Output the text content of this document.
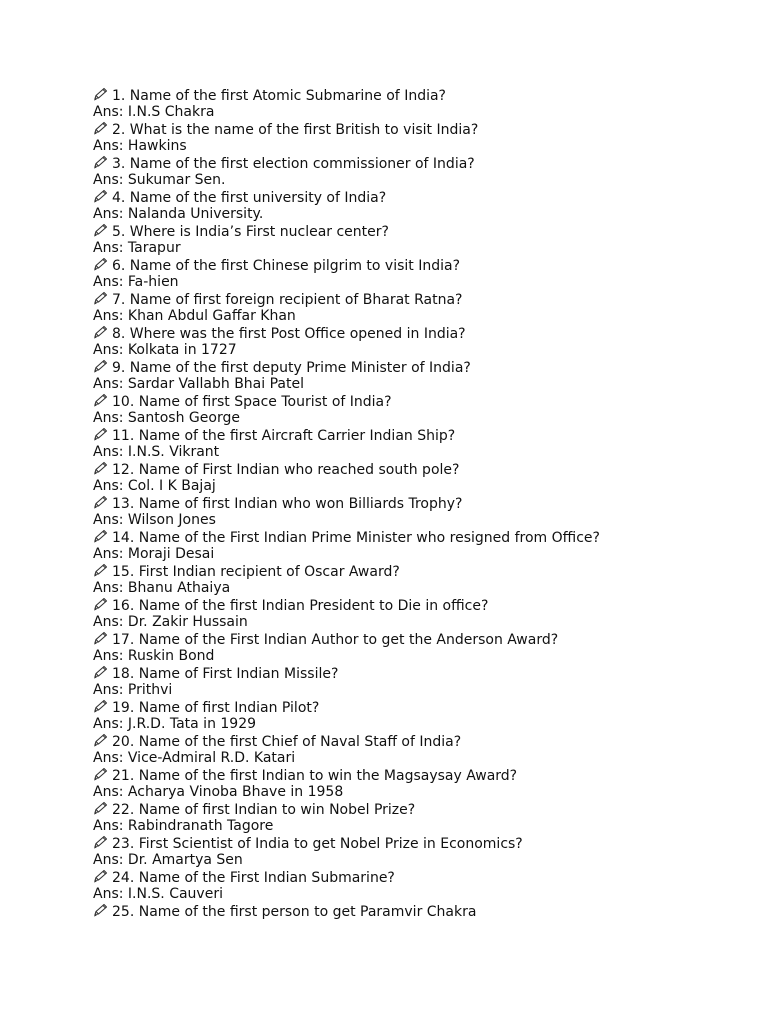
1. Name of the first Atomic Submarine of India?
Ans: I.N.S Chakra
2. What is the name of the first British to visit India?
Ans: Hawkins
3. Name of the first election commissioner of India?
Ans: Sukumar Sen.
4. Name of the first university of India?
Ans: Nalanda University.
5. Where is India’s First nuclear center?
Ans: Tarapur
6. Name of the first Chinese pilgrim to visit India?
Ans: Fa-hien
7. Name of first foreign recipient of Bharat Ratna?
Ans: Khan Abdul Gaffar Khan
8. Where was the first Post Office opened in India?
Ans: Kolkata in 1727
9. Name of the first deputy Prime Minister of India?
Ans: Sardar Vallabh Bhai Patel
10. Name of first Space Tourist of India?
Ans: Santosh George
11. Name of the first Aircraft Carrier Indian Ship?
Ans: I.N.S. Vikrant
12. Name of First Indian who reached south pole?
Ans: Col. I K Bajaj
13. Name of first Indian who won Billiards Trophy?
Ans: Wilson Jones
14. Name of the First Indian Prime Minister who resigned from Office?
Ans: Moraji Desai
15. First Indian recipient of Oscar Award?
Ans: Bhanu Athaiya
16. Name of the first Indian President to Die in office?
Ans: Dr. Zakir Hussain
17. Name of the First Indian Author to get the Anderson Award?
Ans: Ruskin Bond
18. Name of First Indian Missile?
Ans: Prithvi
19. Name of first Indian Pilot?
Ans: J.R.D. Tata in 1929
20. Name of the first Chief of Naval Staff of India?
Ans: Vice-Admiral R.D. Katari
21. Name of the first Indian to win the Magsaysay Award?
Ans: Acharya Vinoba Bhave in 1958
22. Name of first Indian to win Nobel Prize?
Ans: Rabindranath Tagore
23. First Scientist of India to get Nobel Prize in Economics?
Ans: Dr. Amartya Sen
24. Name of the First Indian Submarine?
Ans: I.N.S. Cauveri
25. Name of the first person to get Paramvir Chakra
